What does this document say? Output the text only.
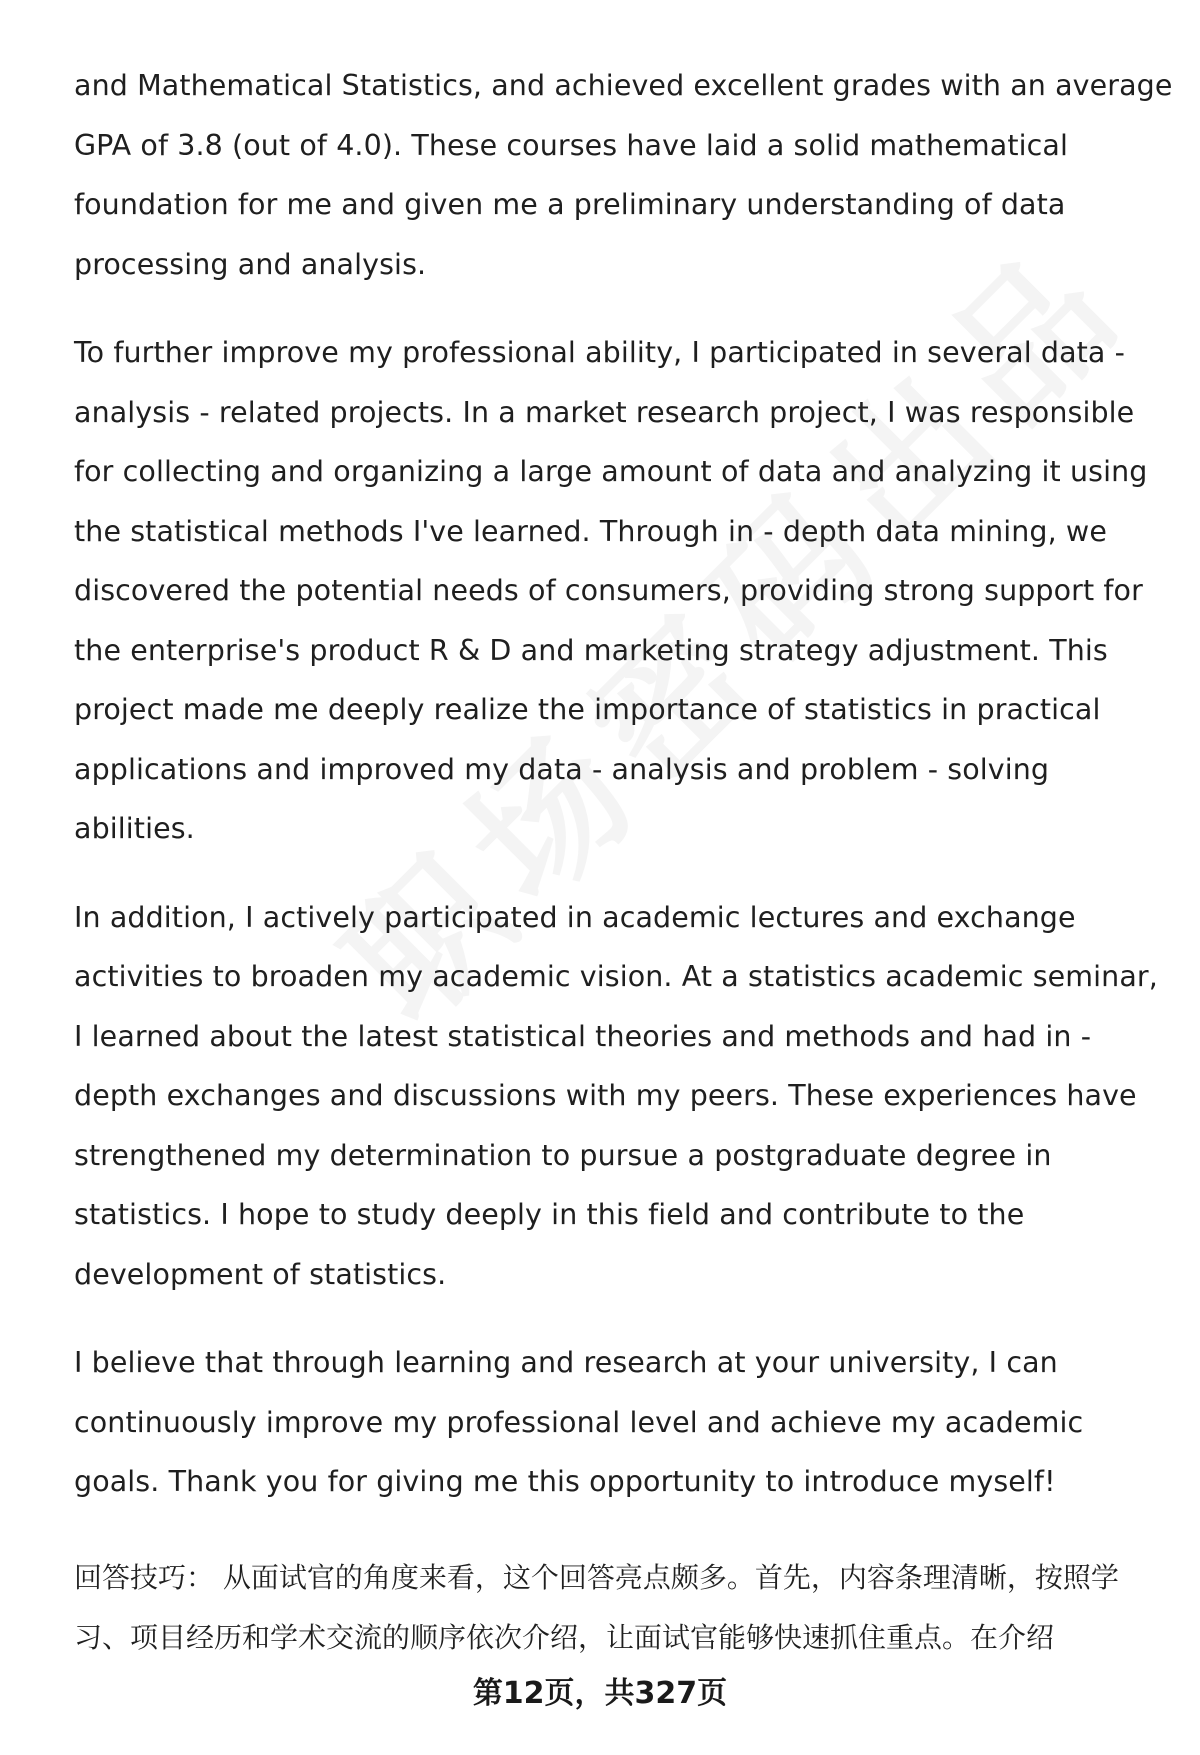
and Mathematical Statistics, and achieved excellent grades with an average GPA of 3.8 (out of 4.0). These courses have laid a solid mathematical foundation for me and given me a preliminary understanding of data processing and analysis.

To further improve my professional ability, I participated in several data - analysis - related projects. In a market research project, I was responsible for collecting and organizing a large amount of data and analyzing it using the statistical methods I've learned. Through in - depth data mining, we discovered the potential needs of consumers, providing strong support for the enterprise's product R & D and marketing strategy adjustment. This project made me deeply realize the importance of statistics in practical applications and improved my data - analysis and problem - solving abilities.

In addition, I actively participated in academic lectures and exchange activities to broaden my academic vision. At a statistics academic seminar, I learned about the latest statistical theories and methods and had in - depth exchanges and discussions with my peers. These experiences have strengthened my determination to pursue a postgraduate degree in statistics. I hope to study deeply in this field and contribute to the development of statistics.

I believe that through learning and research at your university, I can continuously improve my professional level and achieve my academic goals. Thank you for giving me this opportunity to introduce myself!

回答技巧： 从面试官的角度来看，这个回答亮点颇多。首先，内容条理清晰，按照学习、项目经历和学术交流的顺序依次介绍，让面试官能够快速抓住重点。在介绍

第12页，共327页
